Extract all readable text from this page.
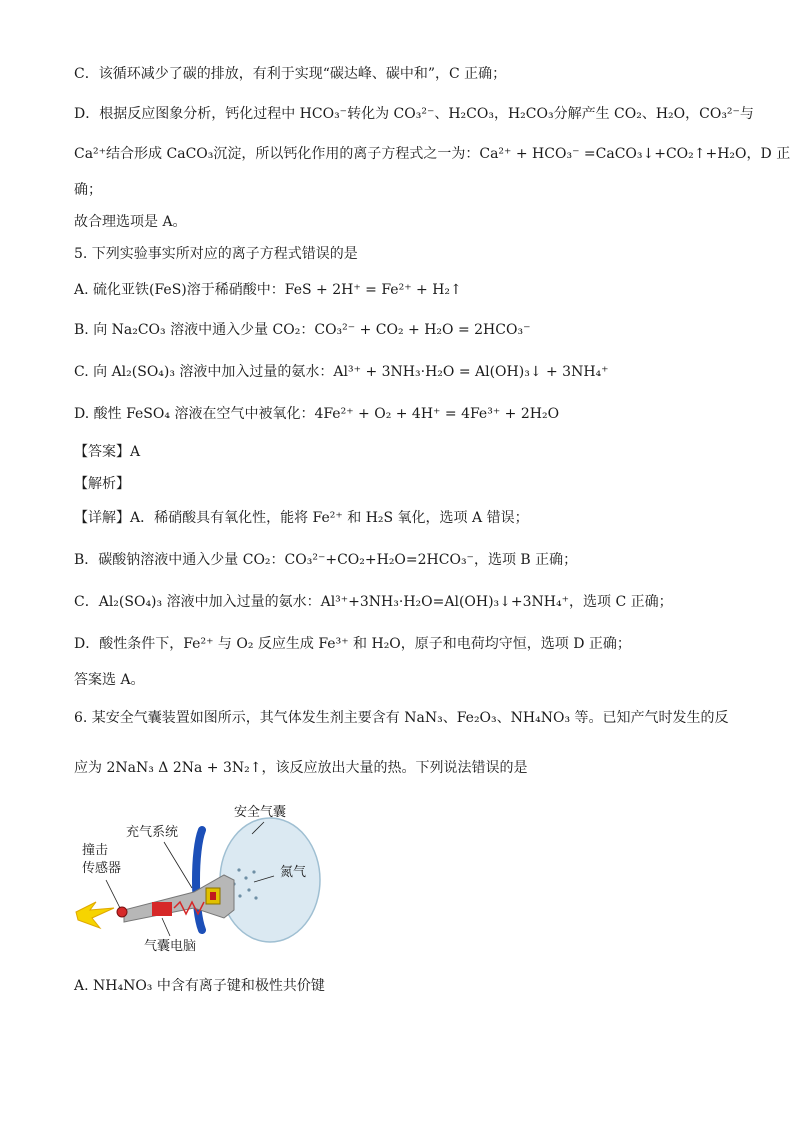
C．该循环减少了碳的排放，有利于实现“碳达峰、碳中和”，C 正确；
D．根据反应图象分析，钙化过程中 HCO₃⁻转化为 CO₃²⁻、H₂CO₃，H₂CO₃分解产生 CO₂、H₂O，CO₃²⁻与
Ca²⁺结合形成 CaCO₃沉淀，所以钙化作用的离子方程式之一为：Ca²⁺ + HCO₃⁻ =CaCO₃↓+CO₂↑+H₂O，D 正
确；
故合理选项是 A。
5. 下列实验事实所对应的离子方程式错误的是
A. 硫化亚铁(FeS)溶于稀硝酸中：FeS + 2H⁺ = Fe²⁺ + H₂↑
B. 向 Na₂CO₃ 溶液中通入少量 CO₂：CO₃²⁻ + CO₂ + H₂O = 2HCO₃⁻
C. 向 Al₂(SO₄)₃ 溶液中加入过量的氨水：Al³⁺ + 3NH₃·H₂O = Al(OH)₃↓ + 3NH₄⁺
D. 酸性 FeSO₄ 溶液在空气中被氧化：4Fe²⁺ + O₂ + 4H⁺ = 4Fe³⁺ + 2H₂O
【答案】A
【解析】
【详解】A．稀硝酸具有氧化性，能将 Fe²⁺ 和 H₂S 氧化，选项 A 错误；
B．碳酸钠溶液中通入少量 CO₂：CO₃²⁻+CO₂+H₂O=2HCO₃⁻，选项 B 正确；
C．Al₂(SO₄)₃ 溶液中加入过量的氨水：Al³⁺+3NH₃·H₂O=Al(OH)₃↓+3NH₄⁺，选项 C 正确；
D．酸性条件下，Fe²⁺ 与 O₂ 反应生成 Fe³⁺ 和 H₂O，原子和电荷均守恒，选项 D 正确；
答案选 A。
6. 某安全气囊装置如图所示，其气体发生剂主要含有 NaN₃、Fe₂O₃、NH₄NO₃ 等。已知产气时发生的反
应为 2NaN₃ Δ 2Na + 3N₂↑，该反应放出大量的热。下列说法错误的是
安全气囊
充气系统
撞击
传感器	氮气
气囊电脑
A. NH₄NO₃ 中含有离子键和极性共价键
